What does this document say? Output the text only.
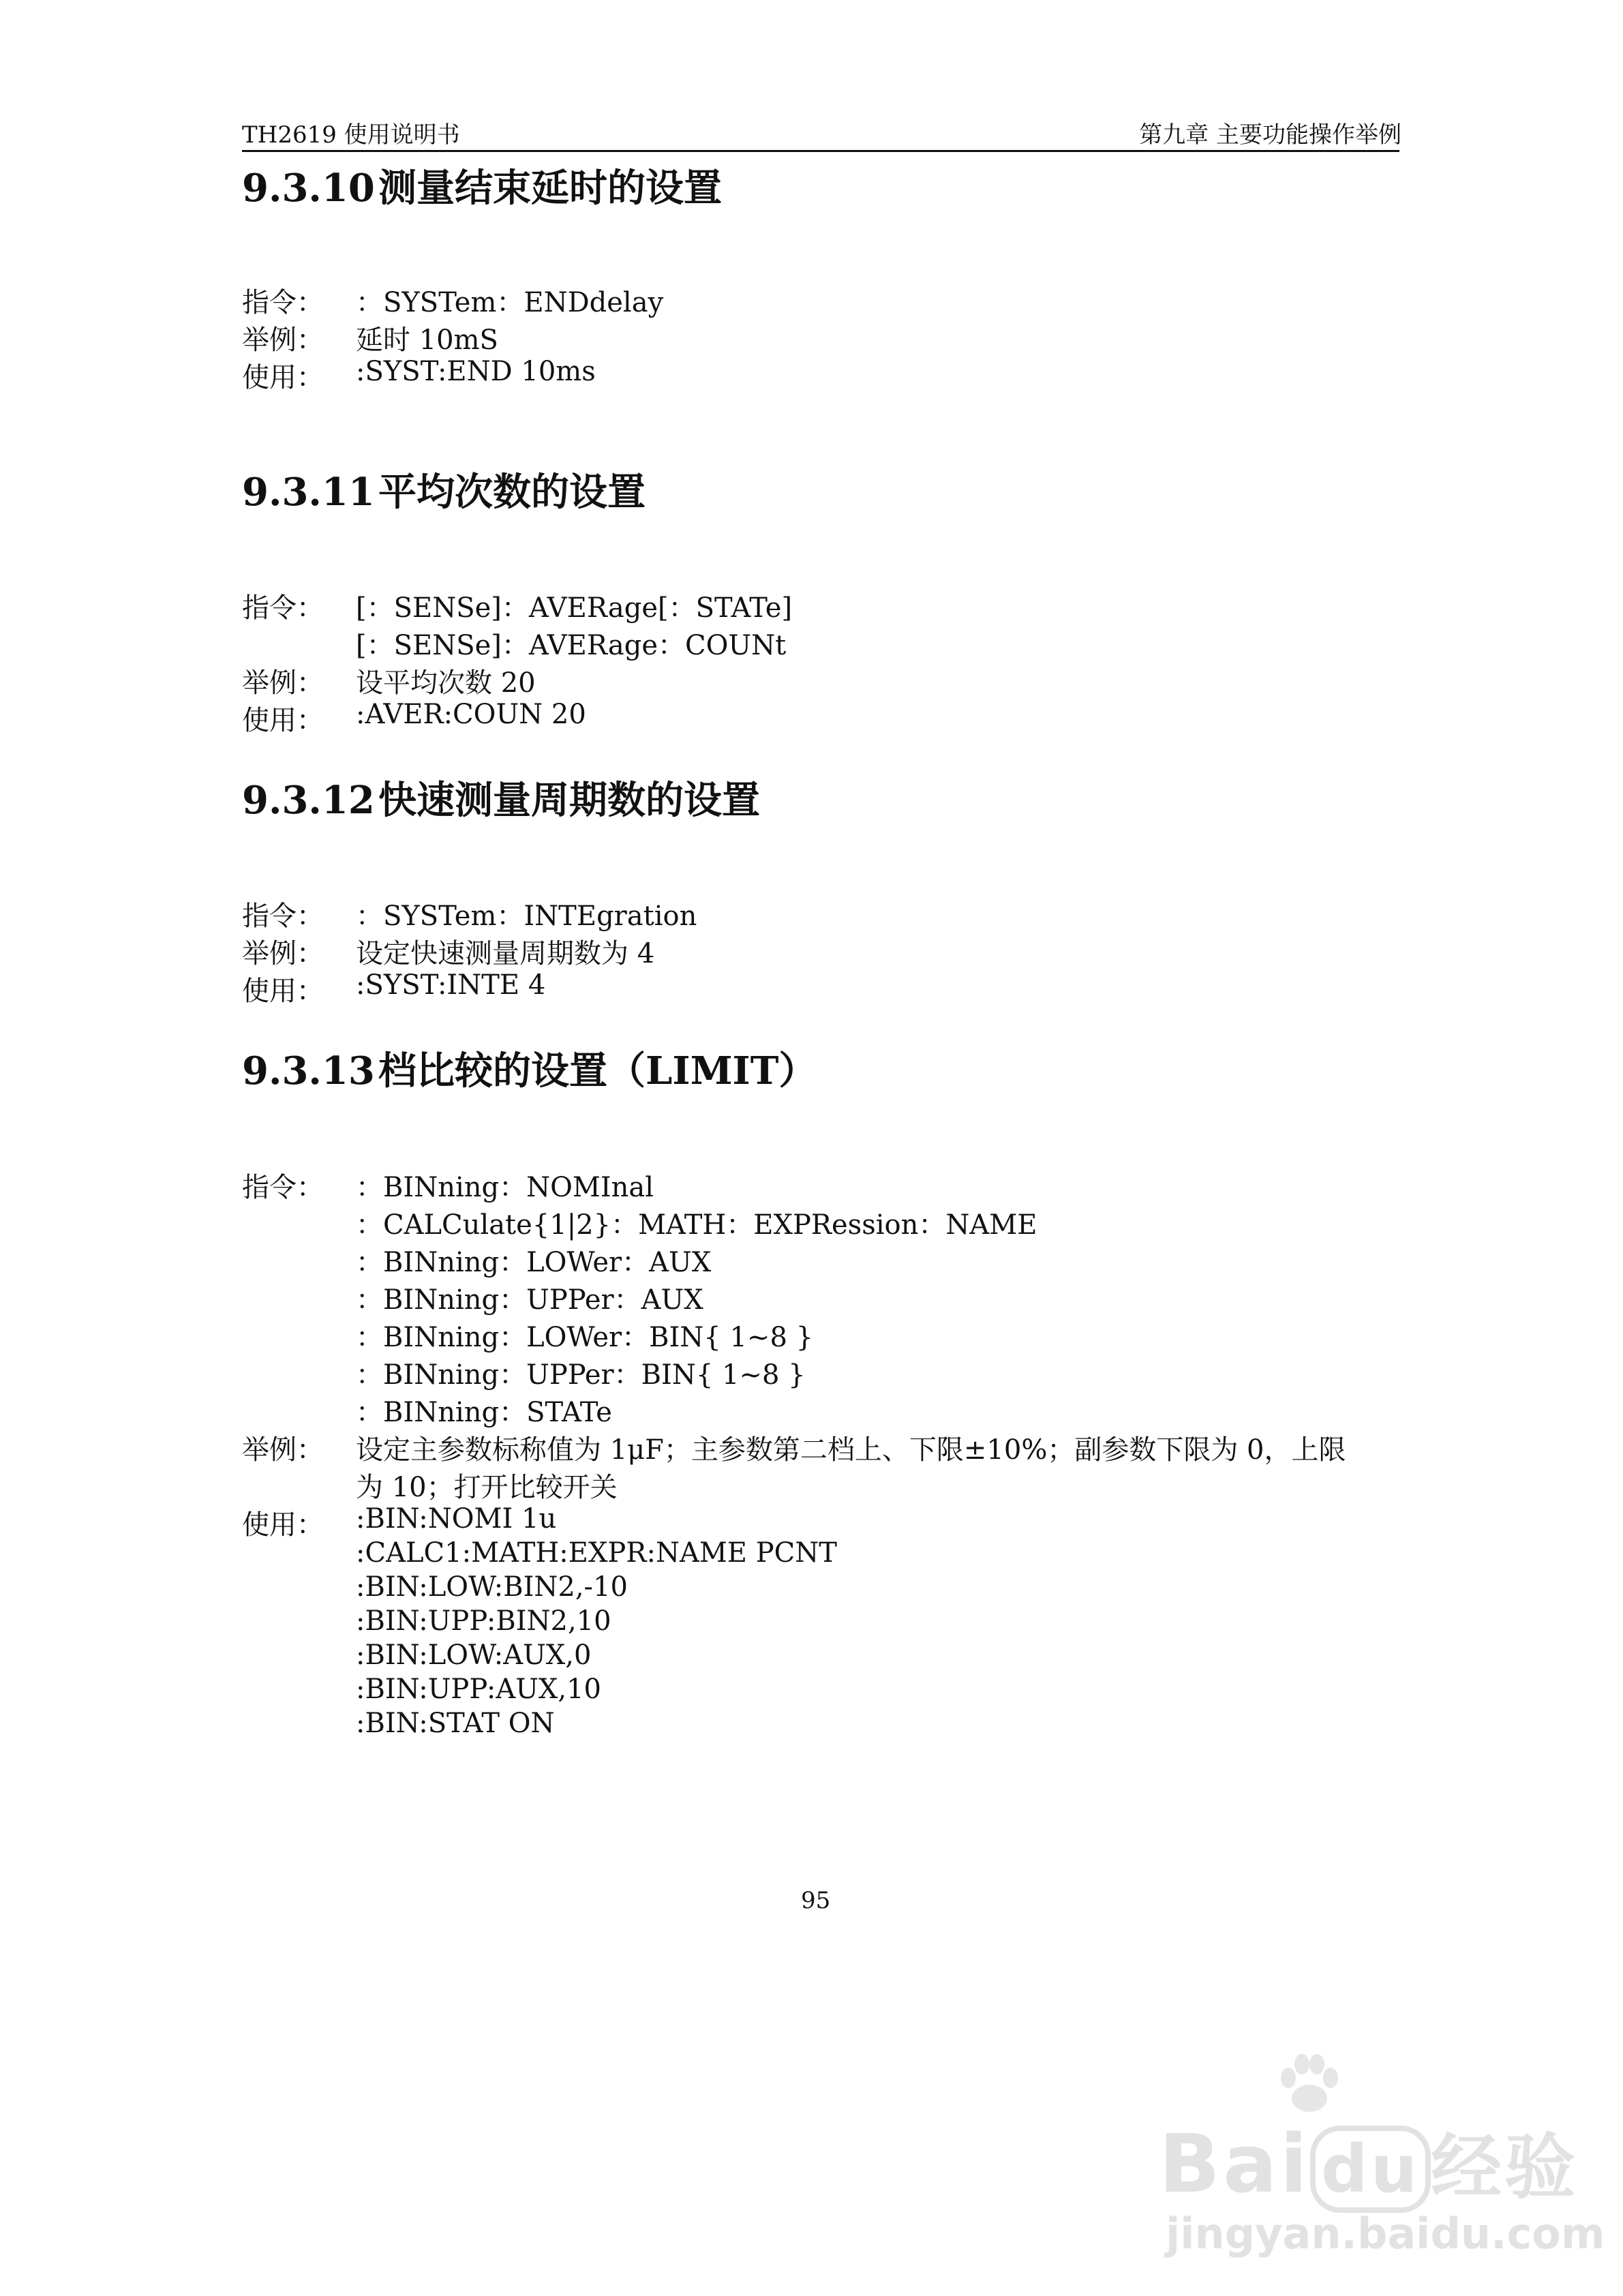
TH2619 使用说明书	第九章 主要功能操作举例
9.3.10测量结束延时的设置
指令： ：SYSTem：ENDdelay
举例： 延时 10mS
使用： :SYST:END 10ms
9.3.11平均次数的设置
指令： [：SENSe]：AVERage[：STATe]
[：SENSe]：AVERage：COUNt
举例： 设平均次数 20
使用： :AVER:COUN 20
9.3.12快速测量周期数的设置
指令： ：SYSTem：INTEgration
举例： 设定快速测量周期数为 4
使用： :SYST:INTE 4
9.3.13档比较的设置（LIMIT）
指令： ：BINning：NOMInal
：CALCulate{1|2}：MATH：EXPRession：NAME
：BINning：LOWer：AUX
：BINning：UPPer：AUX
：BINning：LOWer：BIN{ 1~8 }
：BINning：UPPer：BIN{ 1~8 }
：BINning：STATe
举例： 设定主参数标称值为 1μF；主参数第二档上、下限±10%；副参数下限为 0，上限
为 10；打开比较开关
使用： :BIN:NOMI 1u
:CALC1:MATH:EXPR:NAME PCNT
:BIN:LOW:BIN2,-10
:BIN:UPP:BIN2,10
:BIN:LOW:AUX,0
:BIN:UPP:AUX,10
:BIN:STAT ON
95
Bai du 经验
jingyan.baidu.com
